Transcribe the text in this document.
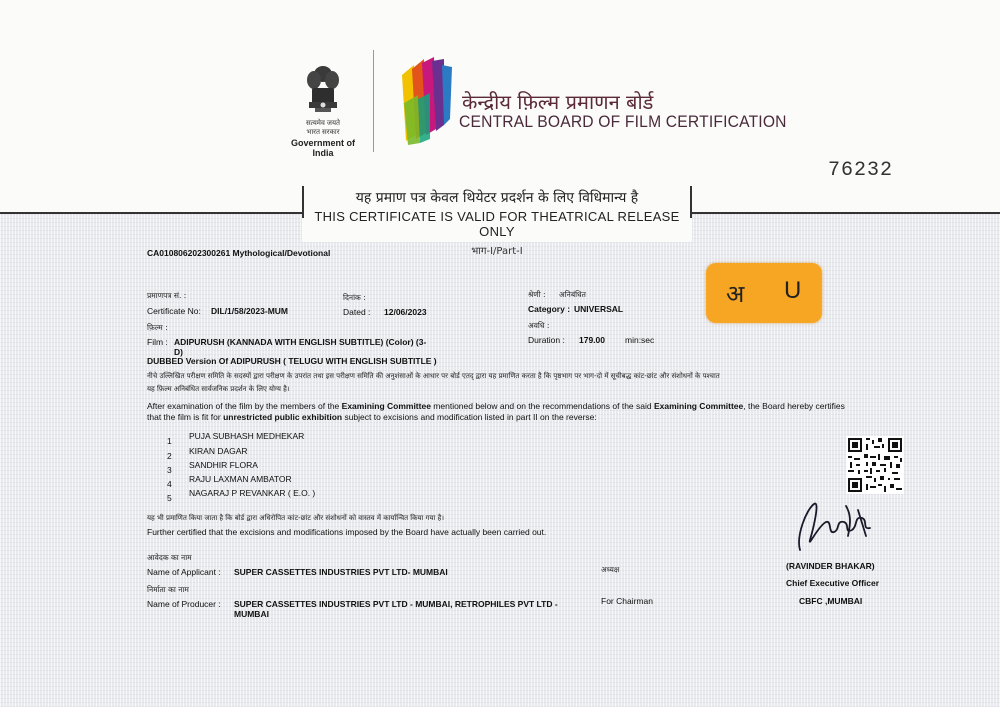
सत्यमेव जयते
भारत सरकार
Government of India
केन्द्रीय फ़िल्म प्रमाणन बोर्ड
CENTRAL BOARD OF FILM CERTIFICATION
76232
यह प्रमाण पत्र केवल थियेटर प्रदर्शन के लिए विधिमान्य है
THIS CERTIFICATE IS VALID FOR THEATRICAL RELEASE ONLY
भाग-I/Part-I
CA010806202300261 Mythological/Devotional
प्रमाणपत्र सं. :
Certificate No: DIL/1/58/2023-MUM
दिनांक :
Dated : 12/06/2023
श्रेणी : अनिबंधित
Category : UNIVERSAL
अ U
फ़िल्म :
Film : ADIPURUSH (KANNADA WITH ENGLISH SUBTITLE) (Color) (3-
D)
DUBBED Version Of ADIPURUSH ( TELUGU WITH ENGLISH SUBTITLE )
अवधि :
Duration : 179.00 min:sec
नीचे उल्लिखित परीक्षण समिति के सदस्यों द्वारा परीक्षण के उपरांत तथा इस परीक्षण समिति की अनुशंसाओं के आधार पर बोर्ड एतद् द्वारा यह प्रमाणित करता है कि पृष्ठभाग पर भाग-दो में सूचीबद्ध कांट-छांट और संशोधनों के पश्चात
यह फ़िल्म अनिबंधित सार्वजनिक प्रदर्शन के लिए योग्य है।
After examination of the film by the members of the Examining Committee mentioned below and on the recommendations of the said Examining Committee, the Board hereby certifies
that the film is fit for unrestricted public exhibition subject to excisions and modification listed in part II on the reverse:
1 PUJA SUBHASH MEDHEKAR
2 KIRAN DAGAR
3 SANDHIR FLORA
4 RAJU LAXMAN AMBATOR
5 NAGARAJ P REVANKAR ( E.O. )
यह भी प्रमाणित किया जाता है कि बोर्ड द्वारा अधिरोपित कांट-छांट और संशोधनों को वास्तव में कार्यान्वित किया गया है।
Further certified that the excisions and modifications imposed by the Board have actually been carried out.
आवेदक का नाम
Name of Applicant : SUPER CASSETTES INDUSTRIES PVT LTD- MUMBAI
निर्माता का नाम
Name of Producer : SUPER CASSETTES INDUSTRIES PVT LTD - MUMBAI, RETROPHILES PVT LTD -
MUMBAI
अध्यक्ष
For Chairman
(RAVINDER BHAKAR)
Chief Executive Officer
CBFC ,MUMBAI
